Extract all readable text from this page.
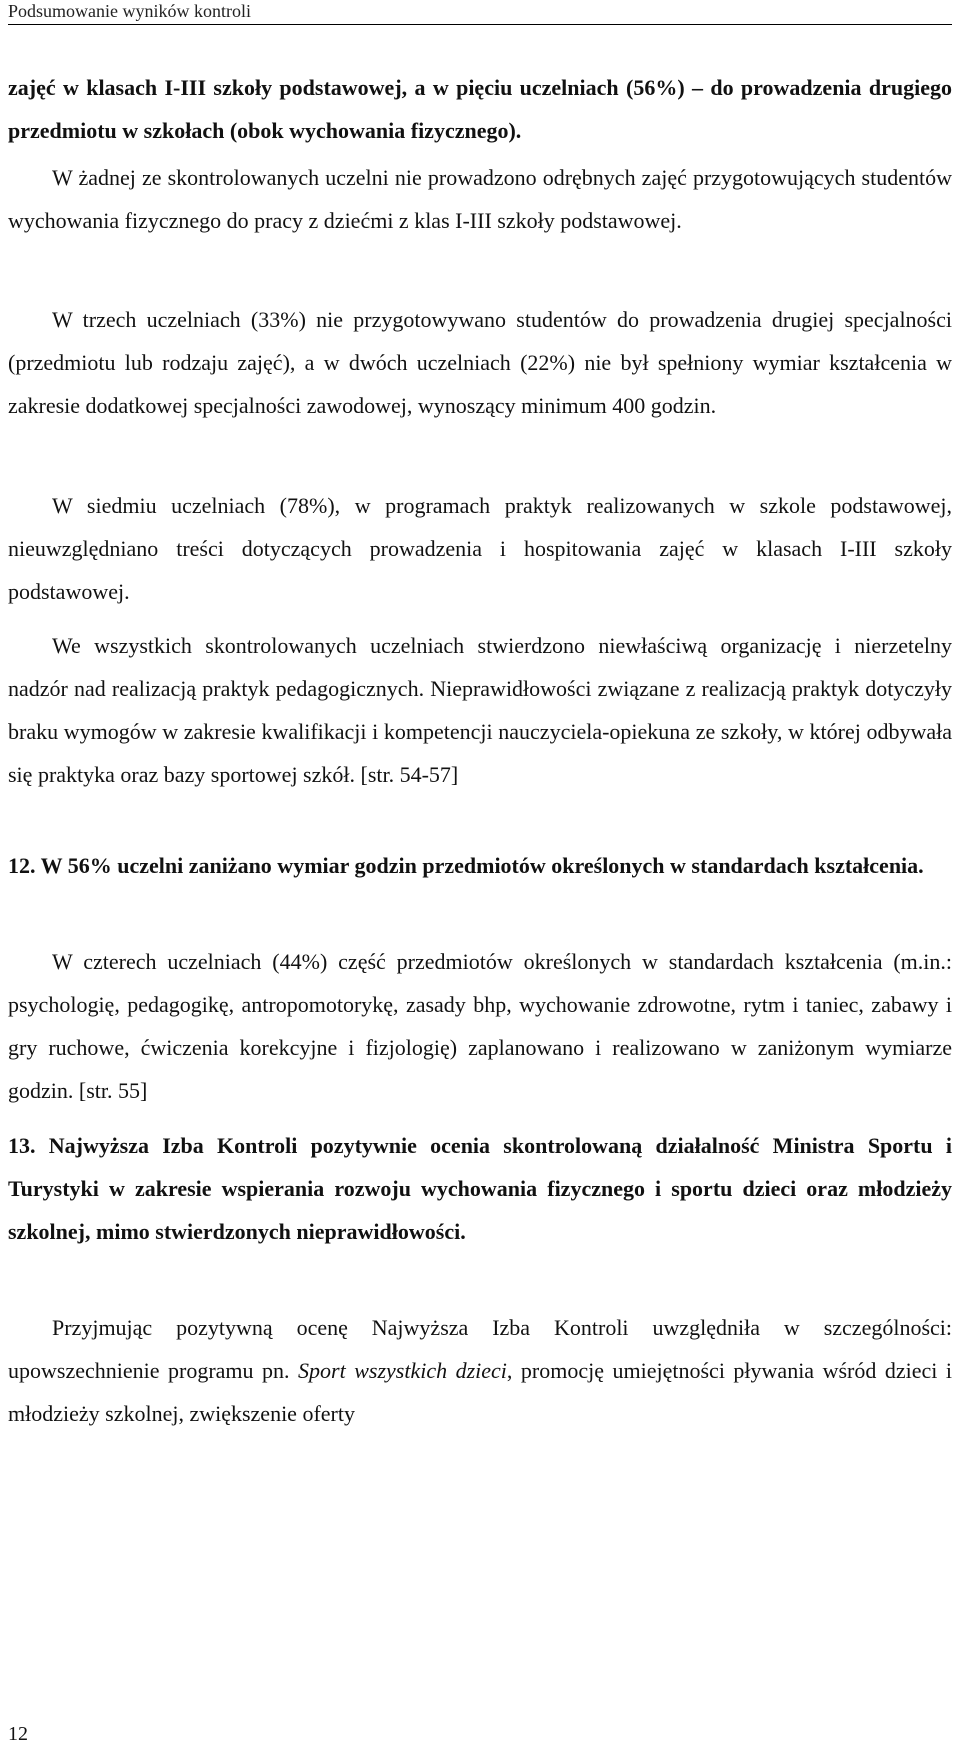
Podsumowanie wyników kontroli

zajęć w klasach I-III szkoły podstawowej, a w pięciu uczelniach (56%) – do prowadzenia drugiego przedmiotu w szkołach (obok wychowania fizycznego).

W żadnej ze skontrolowanych uczelni nie prowadzono odrębnych zajęć przygotowujących studentów wychowania fizycznego do pracy z dziećmi z klas I-III szkoły podstawowej.

W trzech uczelniach (33%) nie przygotowywano studentów do prowadzenia drugiej specjalności (przedmiotu lub rodzaju zajęć), a w dwóch uczelniach (22%) nie był spełniony wymiar kształcenia w zakresie dodatkowej specjalności zawodowej, wynoszący minimum 400 godzin.

W siedmiu uczelniach (78%), w programach praktyk realizowanych w szkole podstawowej, nieuwzględniano treści dotyczących prowadzenia i hospitowania zajęć w klasach I-III szkoły podstawowej.

We wszystkich skontrolowanych uczelniach stwierdzono niewłaściwą organizację i nierzetelny nadzór nad realizacją praktyk pedagogicznych. Nieprawidłowości związane z realizacją praktyk dotyczyły braku wymogów w zakresie kwalifikacji i kompetencji nauczyciela-opiekuna ze szkoły, w której odbywała się praktyka oraz bazy sportowej szkół. [str. 54-57]

12. W 56% uczelni zaniżano wymiar godzin przedmiotów określonych w standardach kształcenia.

W czterech uczelniach (44%) część przedmiotów określonych w standardach kształcenia (m.in.: psychologię, pedagogikę, antropomotorykę, zasady bhp, wychowanie zdrowotne, rytm i taniec, zabawy i gry ruchowe, ćwiczenia korekcyjne i fizjologię) zaplanowano i realizowano w zaniżonym wymiarze godzin. [str. 55]

13. Najwyższa Izba Kontroli pozytywnie ocenia skontrolowaną działalność Ministra Sportu i Turystyki w zakresie wspierania rozwoju wychowania fizycznego i sportu dzieci oraz młodzieży szkolnej, mimo stwierdzonych nieprawidłowości.

Przyjmując pozytywną ocenę Najwyższa Izba Kontroli uwzględniła w szczególności: upowszechnienie programu pn. Sport wszystkich dzieci, promocję umiejętności pływania wśród dzieci i młodzieży szkolnej, zwiększenie oferty

12
